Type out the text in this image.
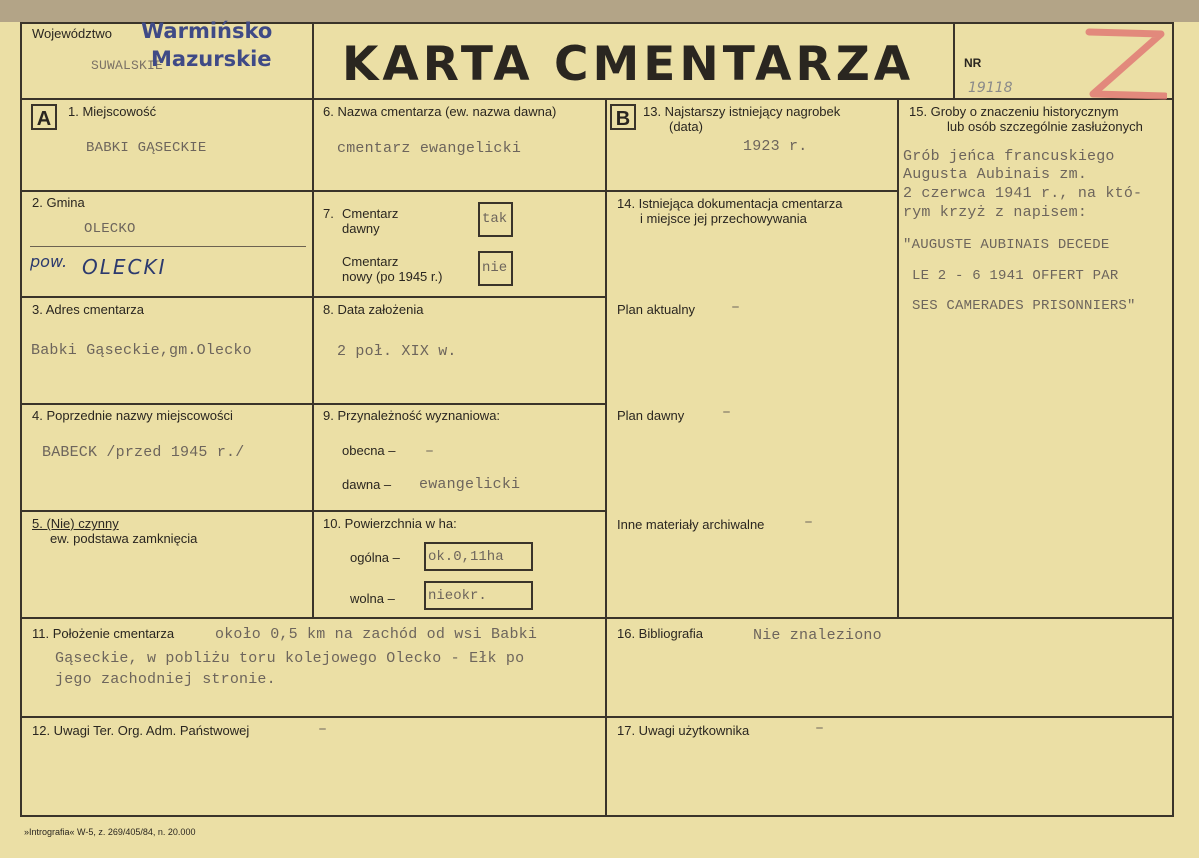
Województwo Warmińsko
SUWALSKIE
Mazurskie KARTA CMENTARZA	NR
19118
A	1. Miejscowość
BABKI GĄSECKIE
2. Gmina
OLECKO
pow. OLECKI
3. Adres cmentarza
Babki Gąseckie,gm.Olecko
4. Poprzednie nazwy miejscowości
BABECK /przed 1945 r./
5. (Nie) czynny
ew. podstawa zamknięcia
6. Nazwa cmentarza (ew. nazwa dawna)
cmentarz ewangelicki
7. Cmentarz
dawny
tak
Cmentarz
nowy (po 1945 r.)
nie
8. Data założenia
2 poł. XIX w.
9. Przynależność wyznaniowa:
obecna – –
dawna – ewangelicki
10. Powierzchnia w ha:
ogólna – ok.0,11ha
wolna – nieokr.
B 13. Najstarszy istniejący nagrobek
(data)
1923 r.
14. Istniejąca dokumentacja cmentarza
i miejsce jej przechowywania
Plan aktualny –
Plan dawny	–
Inne materiały archiwalne	–
15. Groby o znaczeniu historycznym
lub osób szczególnie zasłużonych
Grób jeńca francuskiego
Augusta Aubinais zm.
2 czerwca 1941 r., na któ-
rym krzyż z napisem:
"AUGUSTE AUBINAIS DECEDE
LE 2 - 6 1941 OFFERT PAR
SES CAMERADES PRISONNIERS"
11. Położenie cmentarza	około 0,5 km na zachód od wsi Babki
Gąseckie, w pobliżu toru kolejowego Olecko - Ełk po
jego zachodniej stronie.
16. Bibliografia	Nie znaleziono
12. Uwagi Ter. Org. Adm. Państwowej	–	17. Uwagi użytkownika	–
»Intrografia« W-5, z. 269/405/84, n. 20.000
